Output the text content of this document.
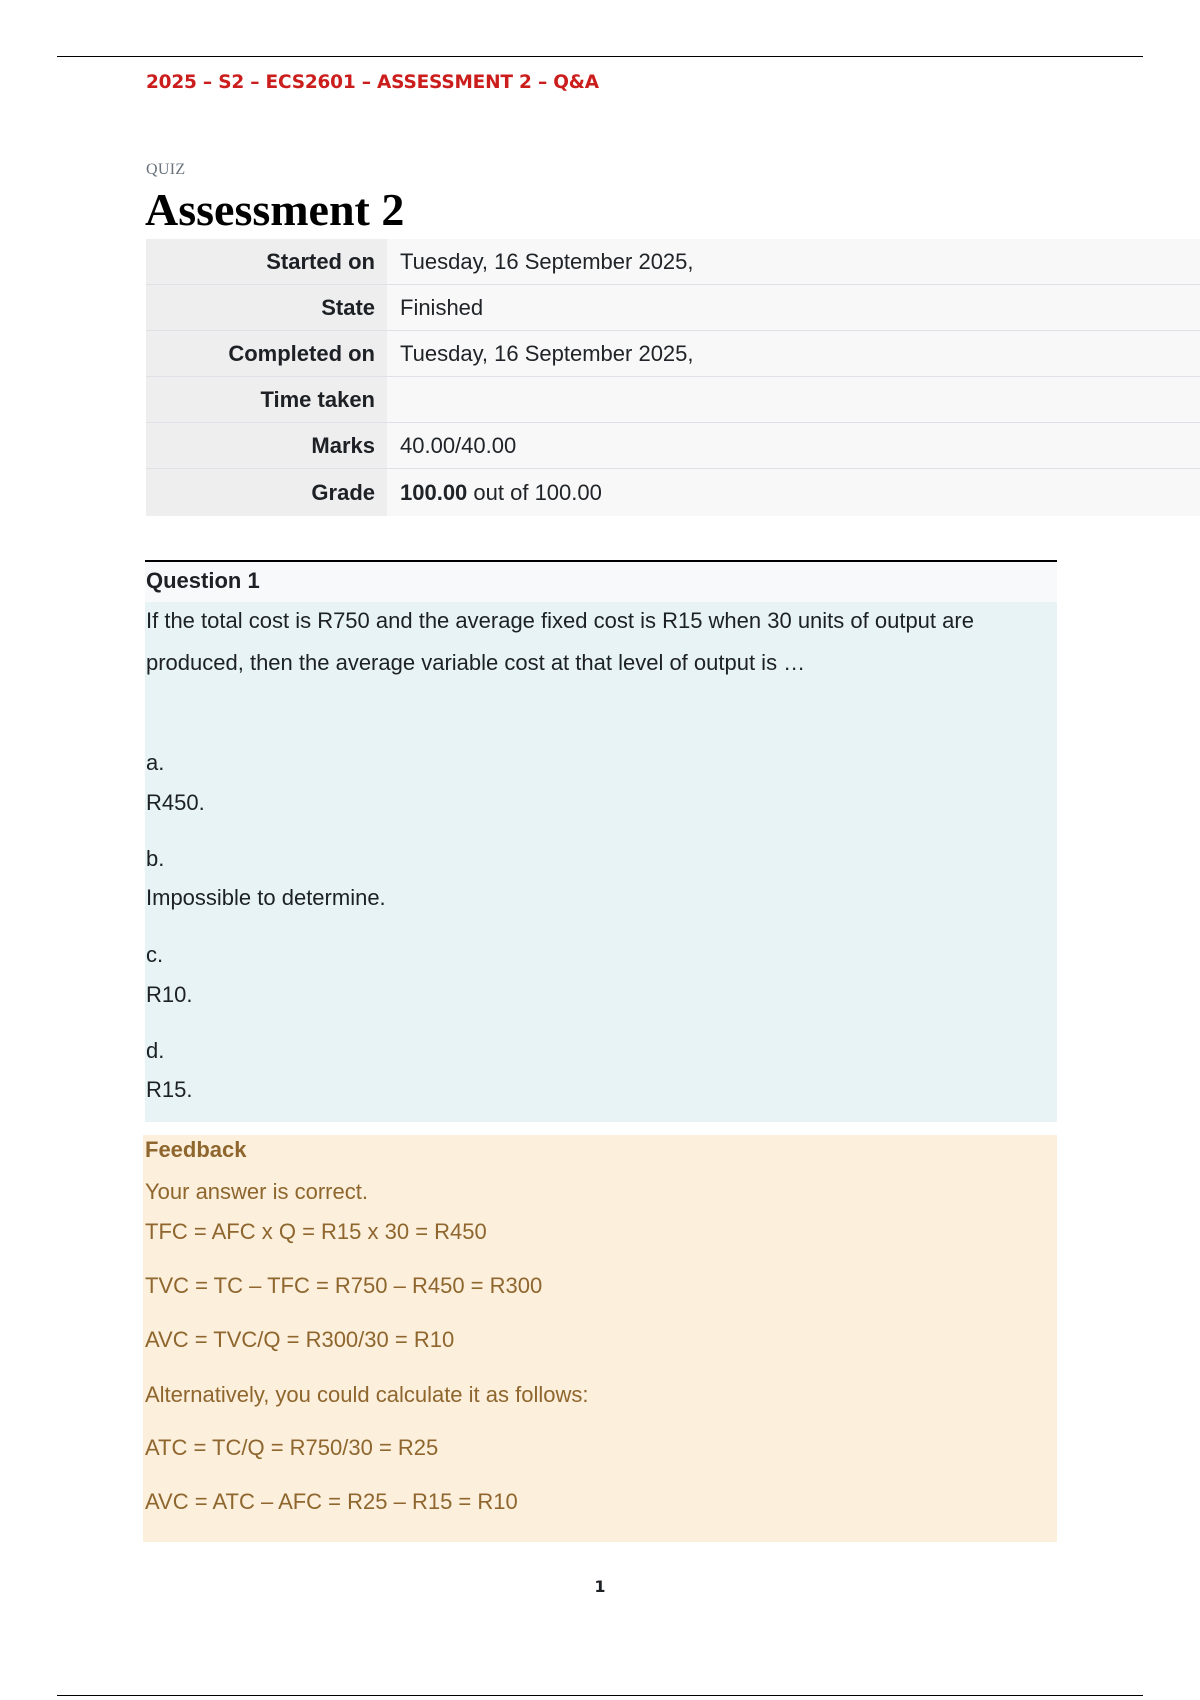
2025 – S2 – ECS2601 – ASSESSMENT 2 – Q&A
QUIZ
Assessment 2
Started on	Tuesday, 16 September 2025,
State	Finished
Completed on	Tuesday, 16 September 2025,
Time taken	
Marks	40.00/40.00
Grade	100.00 out of 100.00
Question 1
If the total cost is R750 and the average fixed cost is R15 when 30 units of output are produced, then the average variable cost at that level of output is …
a.
R450.
b.
Impossible to determine.
c.
R10.
d.
R15.
Feedback
Your answer is correct.
TFC = AFC x Q = R15 x 30 = R450
TVC = TC – TFC = R750 – R450 = R300
AVC = TVC/Q = R300/30 = R10
Alternatively, you could calculate it as follows:
ATC = TC/Q = R750/30 = R25
AVC = ATC – AFC = R25 – R15 = R10
1
